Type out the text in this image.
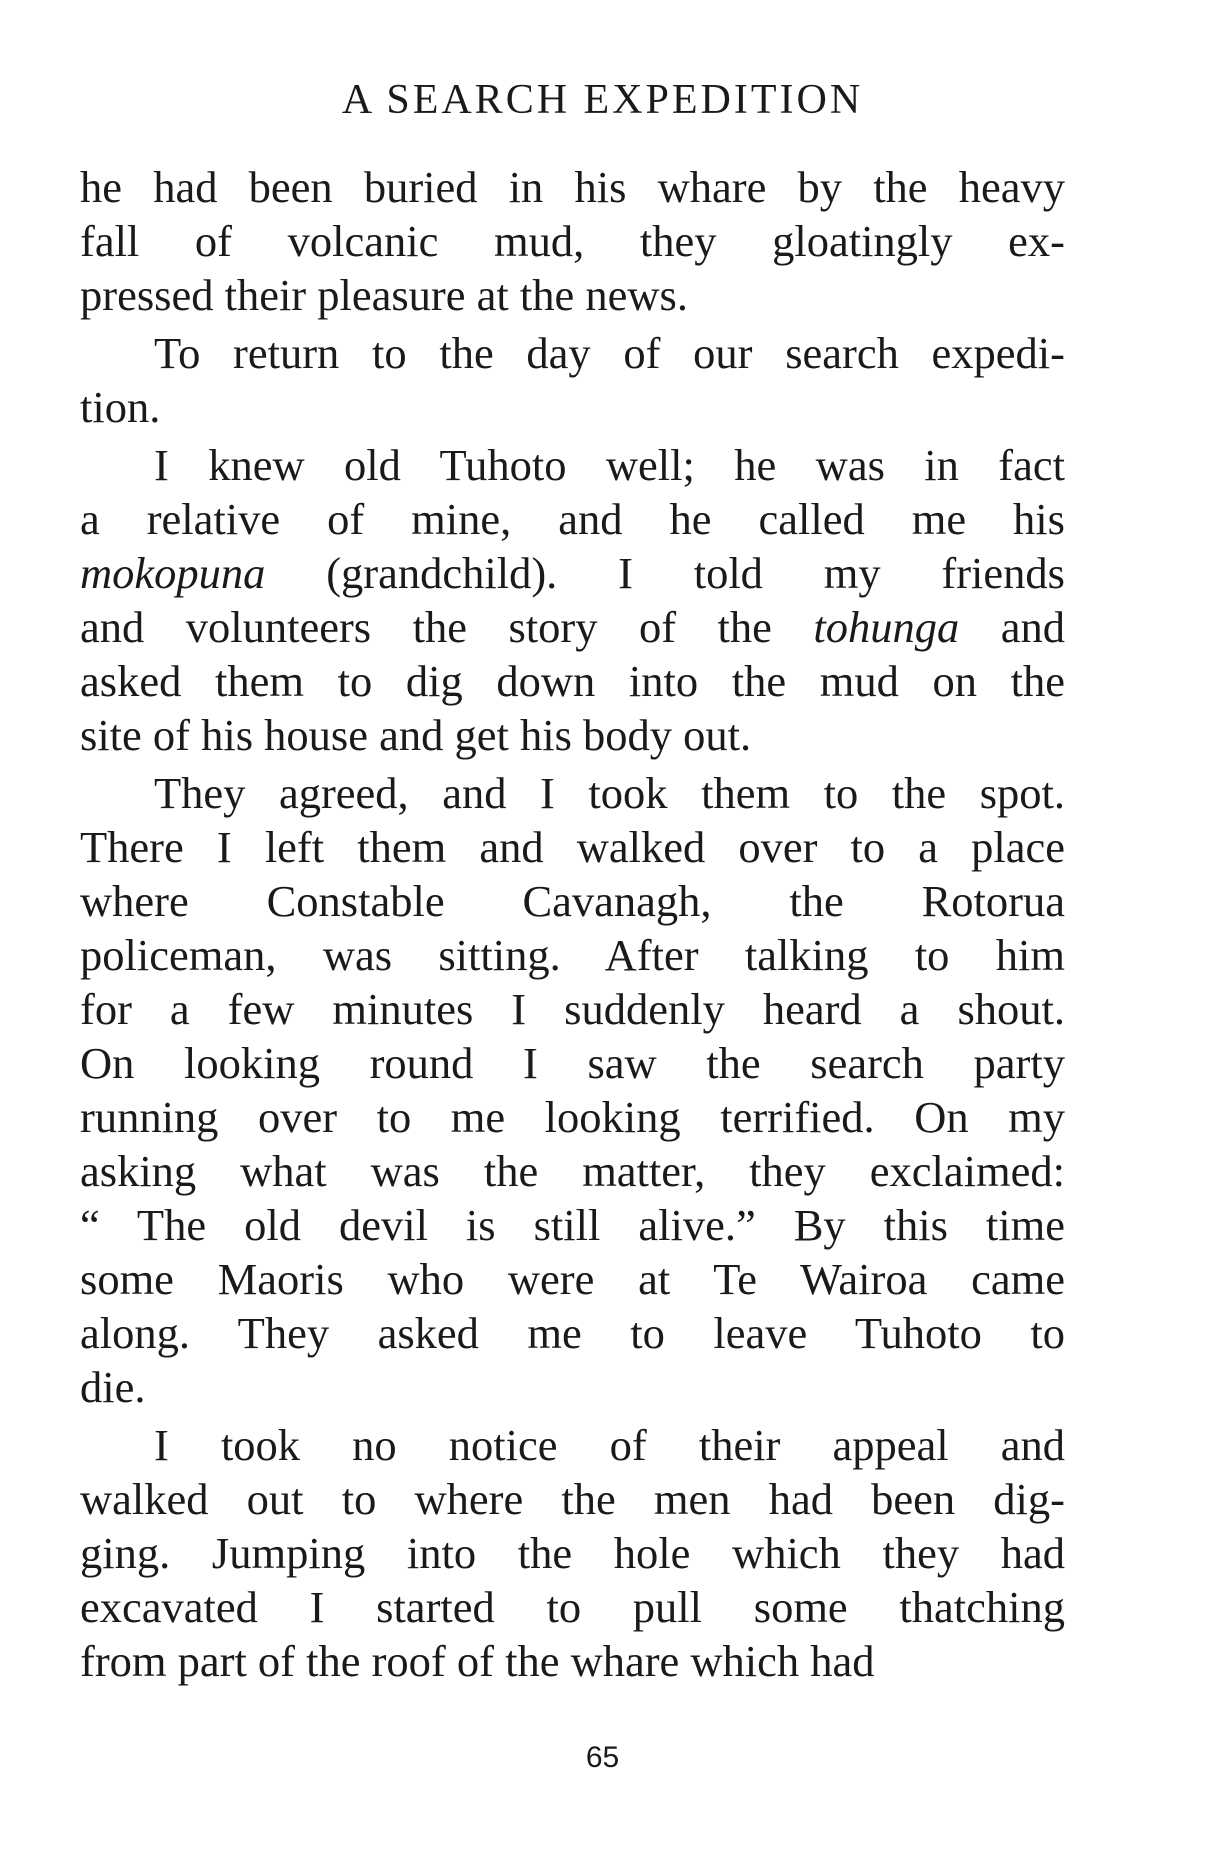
A SEARCH EXPEDITION
he had been buried in his whare by the heavy
fall of volcanic mud, they gloatingly ex-
pressed their pleasure at the news.
To return to the day of our search expedi-
tion.
I knew old Tuhoto well; he was in fact
a relative of mine, and he called me his
mokopuna (grandchild). I told my friends
and volunteers the story of the tohunga and
asked them to dig down into the mud on the
site of his house and get his body out.
They agreed, and I took them to the spot.
There I left them and walked over to a place
where Constable Cavanagh, the Rotorua
policeman, was sitting. After talking to him
for a few minutes I suddenly heard a shout.
On looking round I saw the search party
running over to me looking terrified. On my
asking what was the matter, they exclaimed:
“ The old devil is still alive.” By this time
some Maoris who were at Te Wairoa came
along. They asked me to leave Tuhoto to
die.
I took no notice of their appeal and
walked out to where the men had been dig-
ging. Jumping into the hole which they had
excavated I started to pull some thatching
from part of the roof of the whare which had
65
